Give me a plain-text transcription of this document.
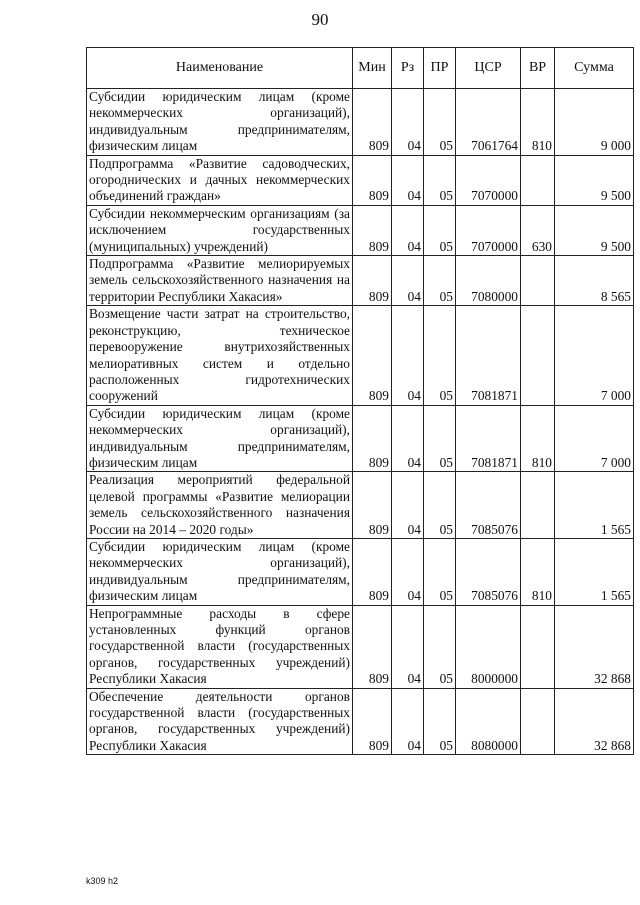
90
Наименование	Мин	Рз	ПР	ЦСР	ВР	Сумма
Субсидии юридическим лицам (кроме некоммерческих организаций), индивидуальным предпринимателям, физическим лицам	809	04	05	7061764	810	9 000
Подпрограмма «Развитие садоводческих, огороднических и дачных некоммерческих объединений граждан»	809	04	05	7070000		9 500
Субсидии некоммерческим организациям (за исключением государственных (муниципальных) учреждений)	809	04	05	7070000	630	9 500
Подпрограмма «Развитие мелиорируемых земель сельскохозяйственного назначения на территории Республики Хакасия»	809	04	05	7080000		8 565
Возмещение части затрат на строительство, реконструкцию, техническое перевооружение внутрихозяйственных мелиоративных систем и отдельно расположенных гидротехнических сооружений	809	04	05	7081871		7 000
Субсидии юридическим лицам (кроме некоммерческих организаций), индивидуальным предпринимателям, физическим лицам	809	04	05	7081871	810	7 000
Реализация мероприятий федеральной целевой программы «Развитие мелиорации земель сельскохозяйственного назначения России на 2014 – 2020 годы»	809	04	05	7085076		1 565
Субсидии юридическим лицам (кроме некоммерческих организаций), индивидуальным предпринимателям, физическим лицам	809	04	05	7085076	810	1 565
Непрограммные расходы в сфере установленных функций органов государственной власти (государственных органов, государственных учреждений) Республики Хакасия	809	04	05	8000000		32 868
Обеспечение деятельности органов государственной власти (государственных органов, государственных учреждений) Республики Хакасия	809	04	05	8080000		32 868
k309 h2
